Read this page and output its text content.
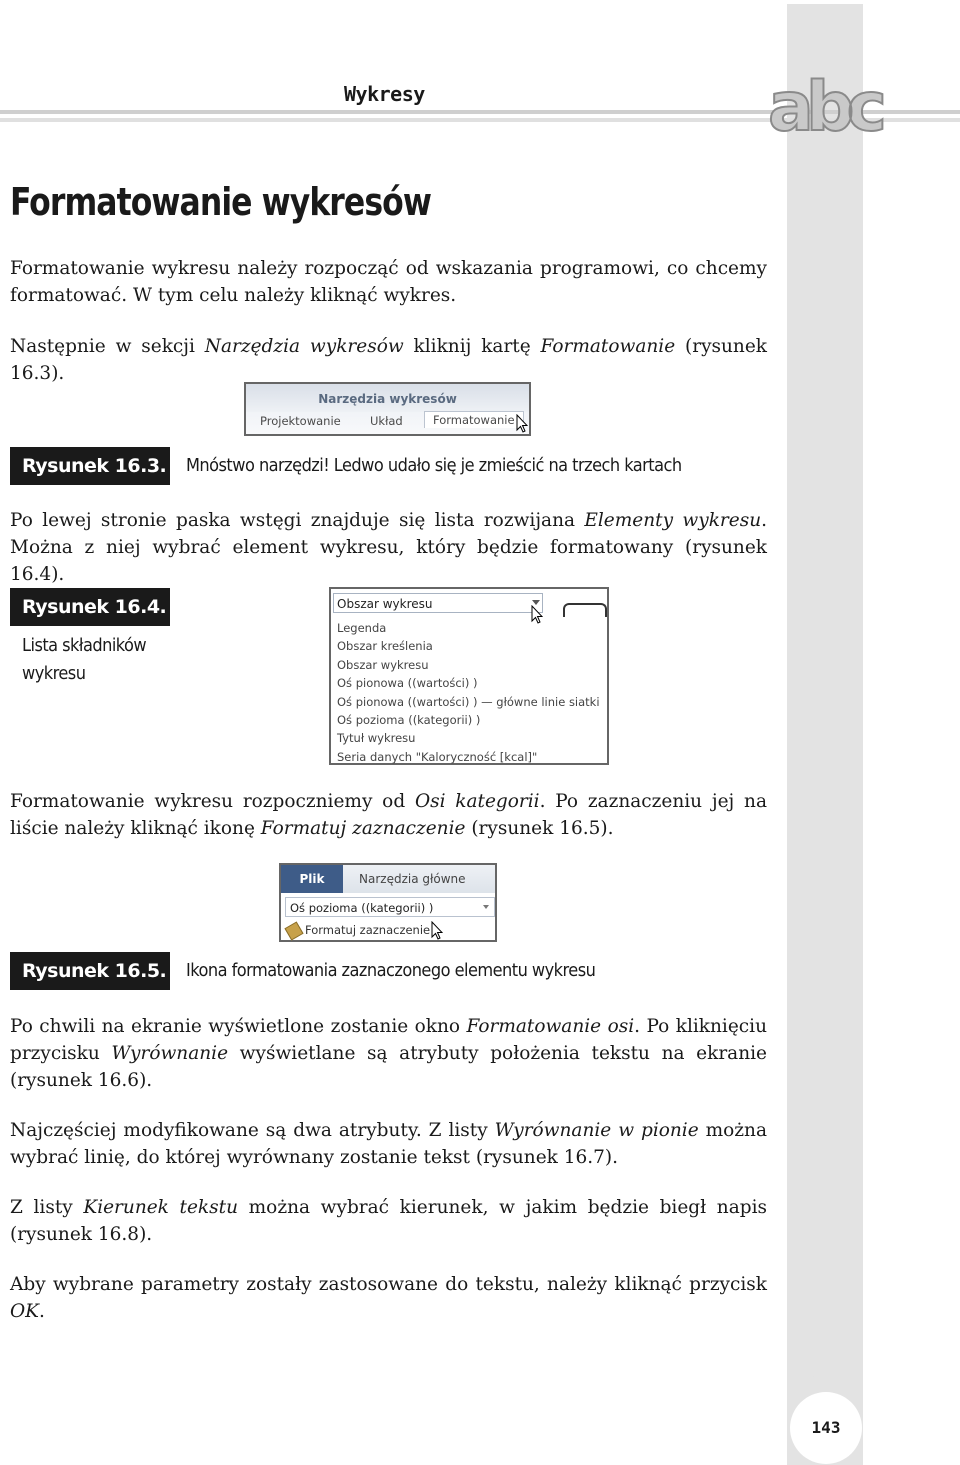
Wykresy	abc
Formatowanie wykresów
Formatowanie wykresu należy rozpocząć od wskazania programowi, co chcemy formatować. W tym celu należy kliknąć wykres.
Następnie w sekcji Narzędzia wykresów kliknij kartę Formatowanie (rysunek 16.3).
Narzędzia wykresów
Projektowanie	Układ	Formatowanie
Rysunek 16.3. Mnóstwo narzędzi! Ledwo udało się je zmieścić na trzech kartach
Po lewej stronie paska wstęgi znajduje się lista rozwijana Elementy wykresu. Można z niej wybrać element wykresu, który będzie formatowany (rysunek 16.4).
Rysunek 16.4.
Lista składników
wykresu
Obszar wykresu
Legenda
Obszar kreślenia
Obszar wykresu
Oś pionowa ((wartości) )
Oś pionowa ((wartości) ) — główne linie siatki
Oś pozioma ((kategorii) )
Tytuł wykresu
Seria danych "Kaloryczność [kcal]"
Formatowanie wykresu rozpoczniemy od Osi kategorii. Po zaznaczeniu jej na liście należy kliknąć ikonę Formatuj zaznaczenie (rysunek 16.5).
Plik	Narzędzia główne
Oś pozioma ((kategorii) )
Formatuj zaznaczenie
Rysunek 16.5. Ikona formatowania zaznaczonego elementu wykresu
Po chwili na ekranie wyświetlone zostanie okno Formatowanie osi. Po kliknięciu przycisku Wyrównanie wyświetlane są atrybuty położenia tekstu na ekranie (rysunek 16.6).
Najczęściej modyfikowane są dwa atrybuty. Z listy Wyrównanie w pionie można wybrać linię, do której wyrównany zostanie tekst (rysunek 16.7).
Z listy Kierunek tekstu można wybrać kierunek, w jakim będzie biegł napis (rysunek 16.8).
Aby wybrane parametry zostały zastosowane do tekstu, należy kliknąć przycisk OK.
143
